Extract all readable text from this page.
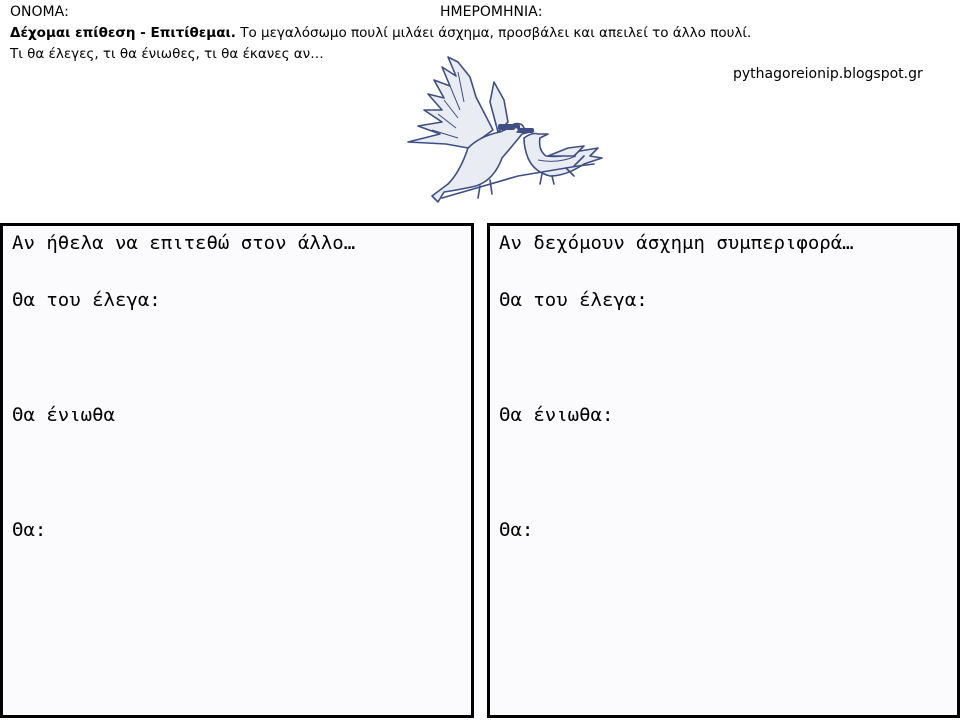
ΟΝΟΜΑ:	ΗΜΕΡΟΜΗΝΙΑ:
Δέχομαι επίθεση - Επιτίθεμαι. Το μεγαλόσωμο πουλί μιλάει άσχημα, προσβάλει και απειλεί το άλλο πουλί.
Τι θα έλεγες, τι θα ένιωθες, τι θα έκανες αν…
pythagoreionip.blogspot.gr
Αν ήθελα να επιτεθώ στον άλλο…
Θα του έλεγα:
Θα ένιωθα
Θα:
Αν δεχόμουν άσχημη συμπεριφορά…
Θα του έλεγα:
Θα ένιωθα:
Θα:
